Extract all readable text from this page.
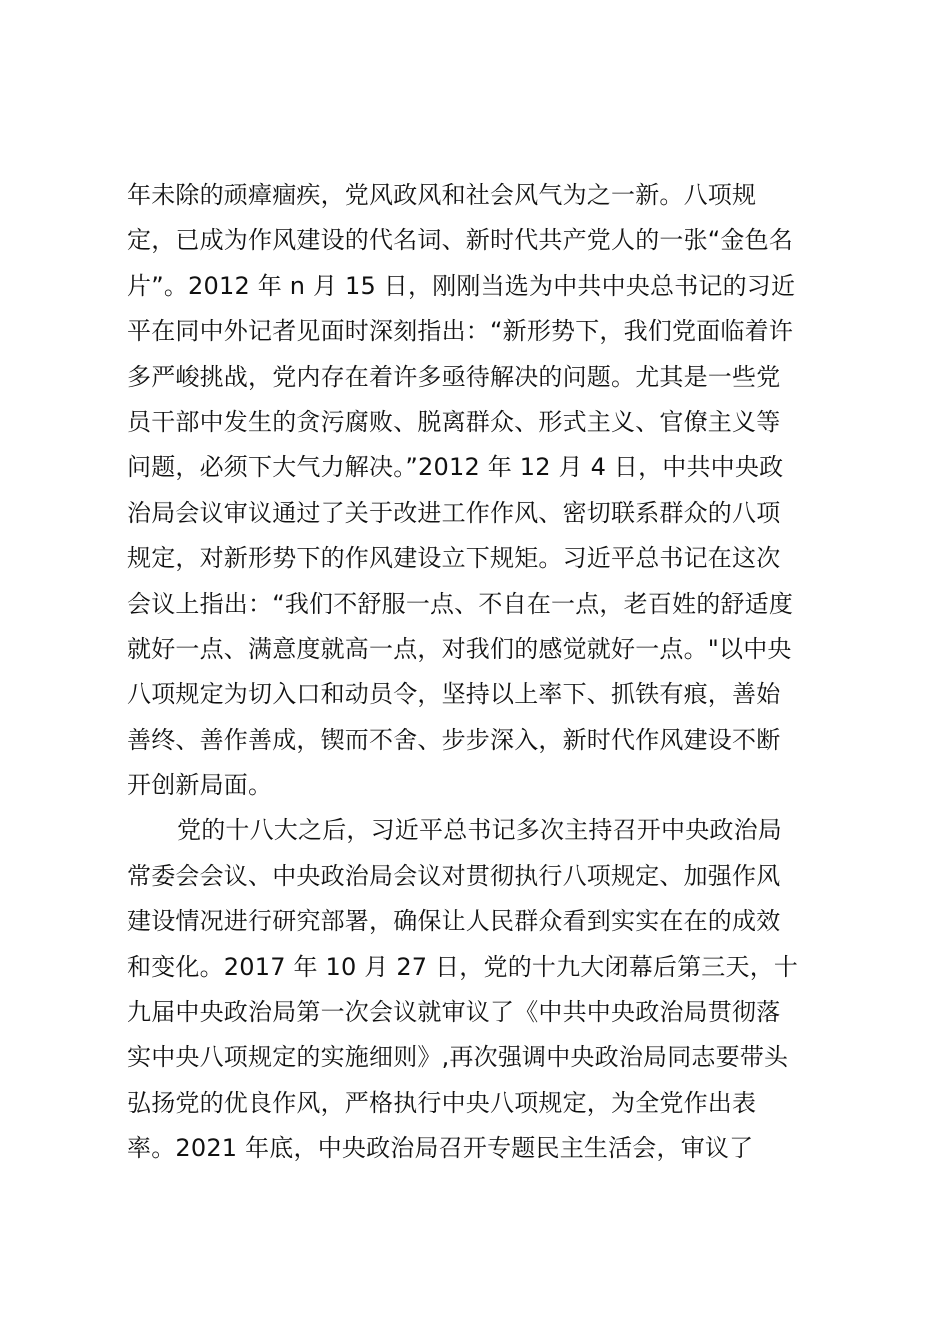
年未除的顽瘴痼疾，党风政风和社会风气为之一新。八项规
定，已成为作风建设的代名词、新时代共产党人的一张“金色名
片”。2012 年 n 月 15 日，刚刚当选为中共中央总书记的习近
平在同中外记者见面时深刻指出：“新形势下，我们党面临着许
多严峻挑战，党内存在着许多亟待解决的问题。尤其是一些党
员干部中发生的贪污腐败、脱离群众、形式主义、官僚主义等
问题，必须下大气力解决。”2012 年 12 月 4 日，中共中央政
治局会议审议通过了关于改进工作作风、密切联系群众的八项
规定，对新形势下的作风建设立下规矩。习近平总书记在这次
会议上指出：“我们不舒服一点、不自在一点，老百姓的舒适度
就好一点、满意度就高一点，对我们的感觉就好一点。"以中央
八项规定为切入口和动员令，坚持以上率下、抓铁有痕，善始
善终、善作善成，锲而不舍、步步深入，新时代作风建设不断
开创新局面。
党的十八大之后，习近平总书记多次主持召开中央政治局
常委会会议、中央政治局会议对贯彻执行八项规定、加强作风
建设情况进行研究部署，确保让人民群众看到实实在在的成效
和变化。2017 年 10 月 27 日，党的十九大闭幕后第三天，十
九届中央政治局第一次会议就审议了《中共中央政治局贯彻落
实中央八项规定的实施细则》,再次强调中央政治局同志要带头
弘扬党的优良作风，严格执行中央八项规定，为全党作出表
率。2021 年底，中央政治局召开专题民主生活会，审议了
